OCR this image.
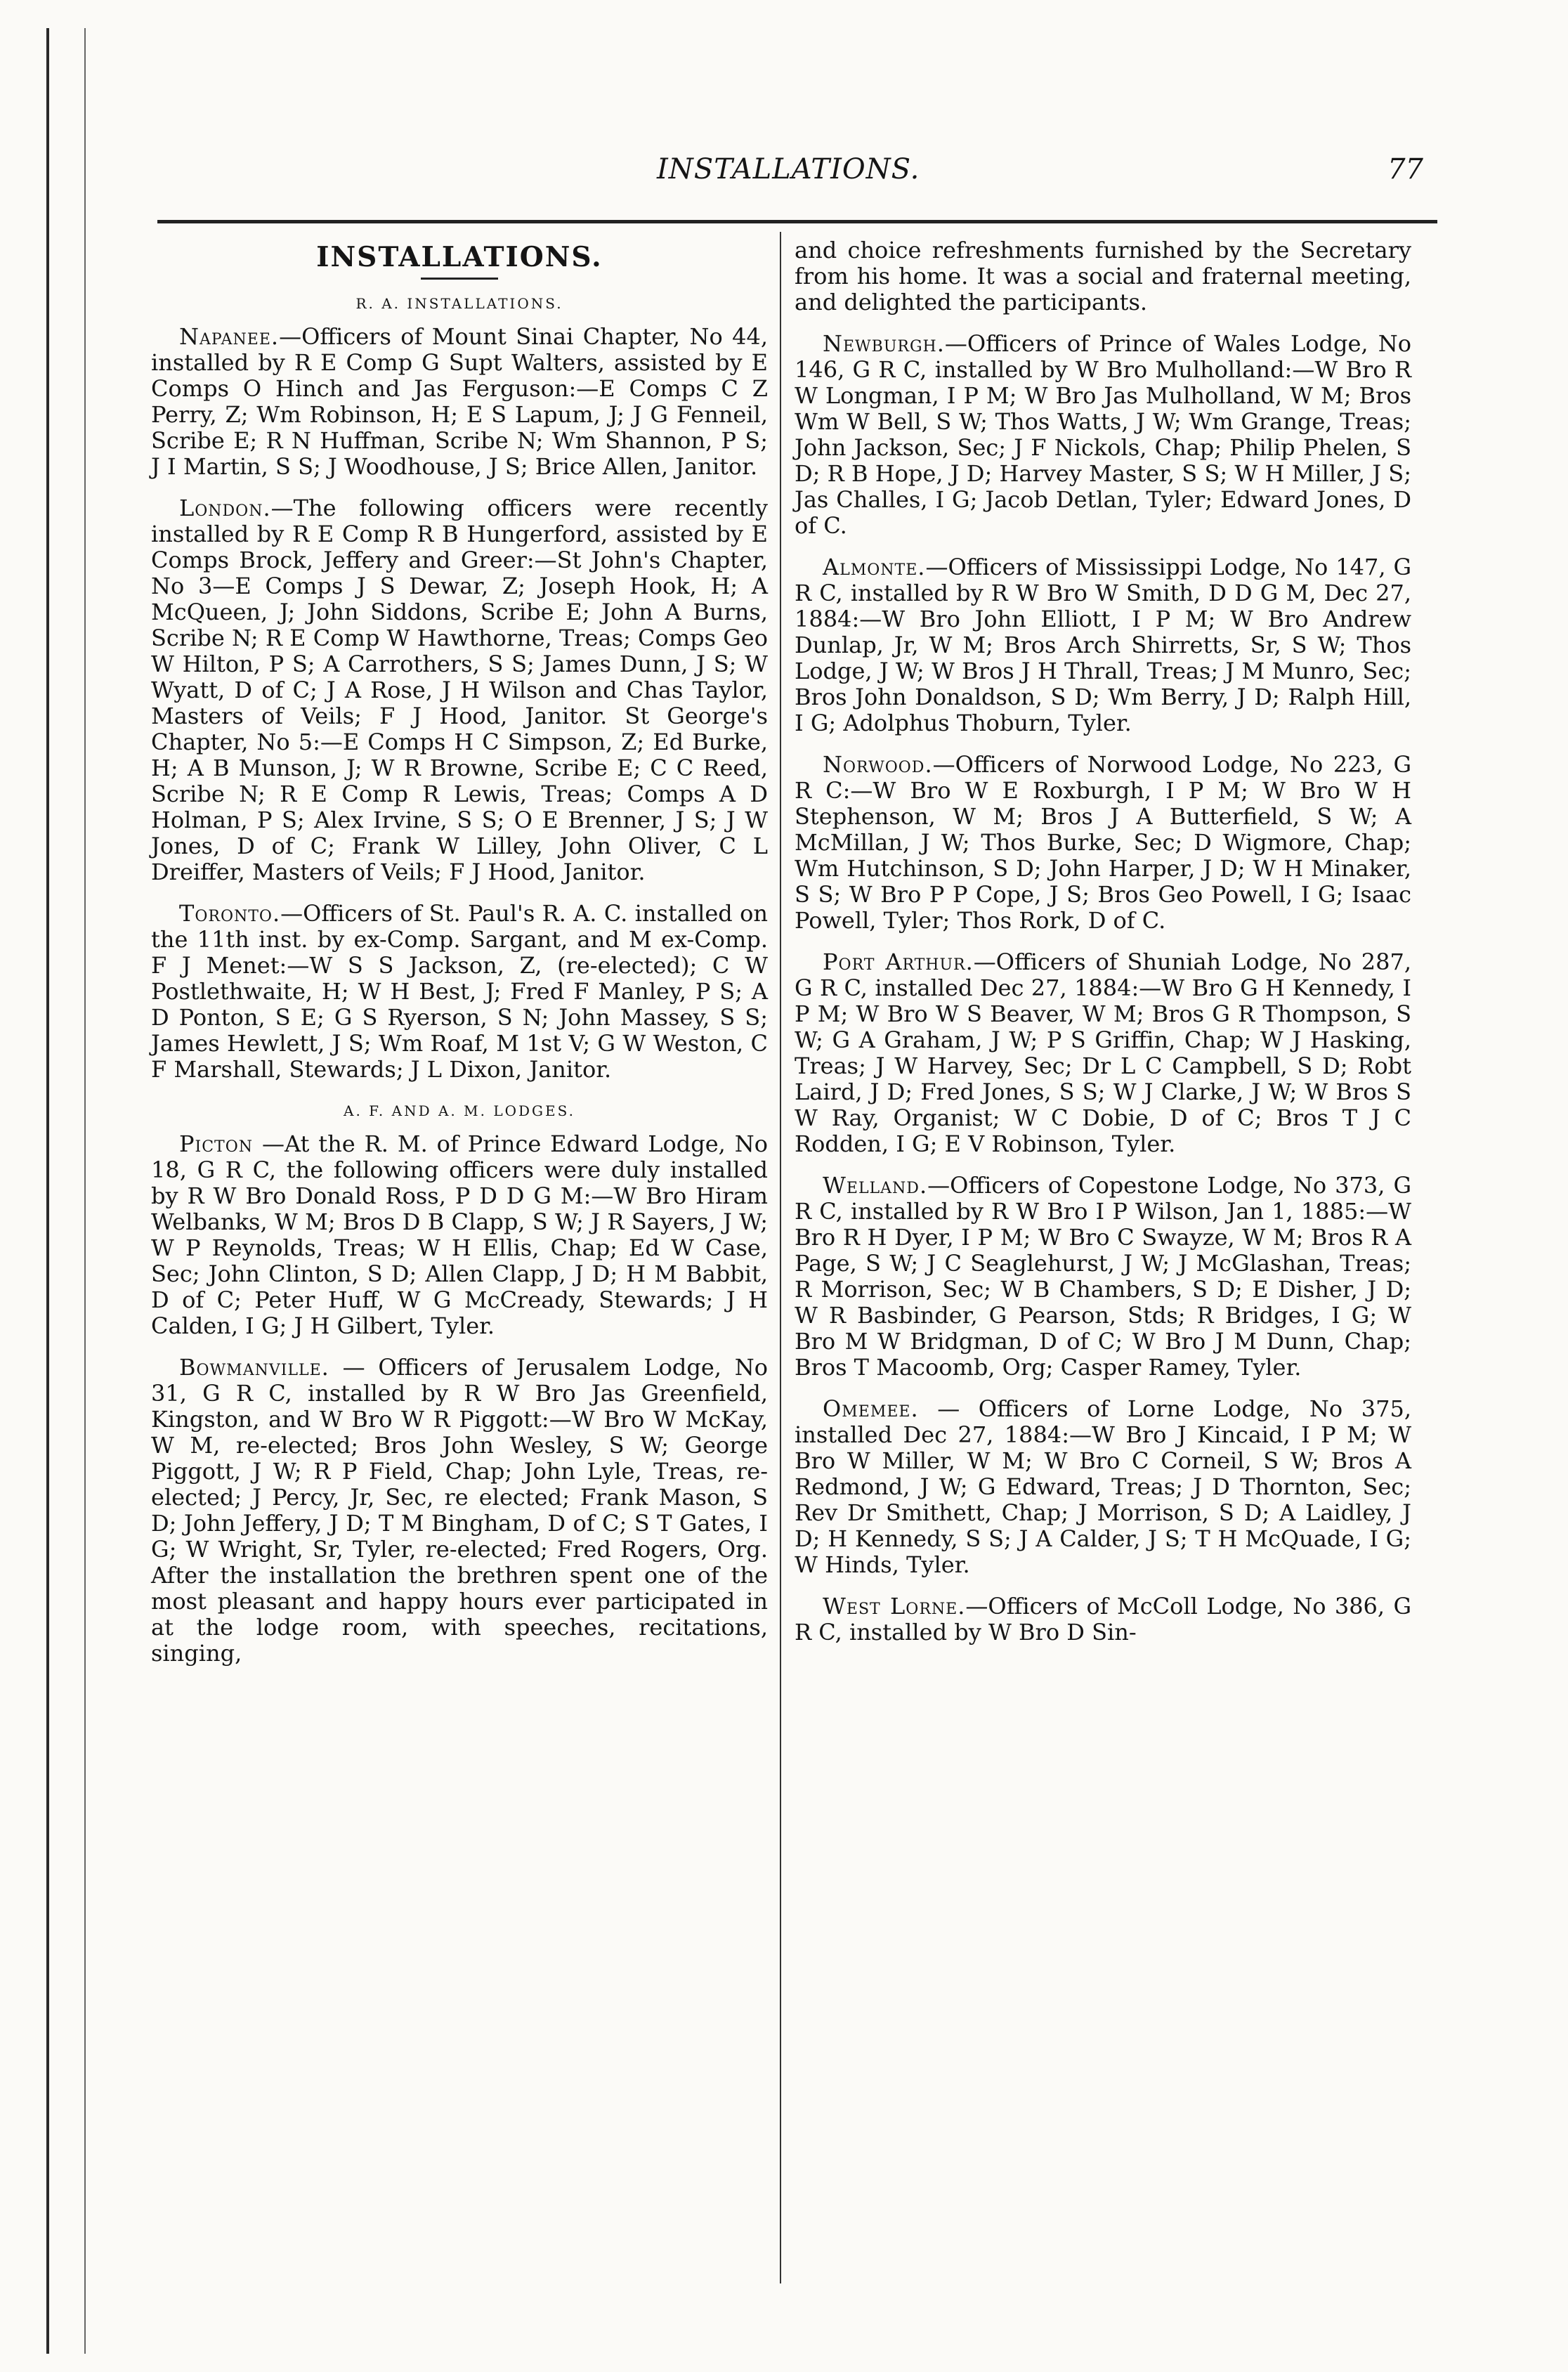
INSTALLATIONS.	77
INSTALLATIONS.
R. A. INSTALLATIONS.

Napanee.—Officers of Mount Sinai Chapter, No 44, installed by R E Comp G Supt Walters, assisted by E Comps O Hinch and Jas Ferguson:—E Comps C Z Perry, Z; Wm Robinson, H; E S Lapum, J; J G Fenneil, Scribe E; R N Huffman, Scribe N; Wm Shannon, P S; J I Martin, S S; J Woodhouse, J S; Brice Allen, Janitor.

London.—The following officers were recently installed by R E Comp R B Hungerford, assisted by E Comps Brock, Jeffery and Greer:—St John's Chapter, No 3—E Comps J S Dewar, Z; Joseph Hook, H; A McQueen, J; John Siddons, Scribe E; John A Burns, Scribe N; R E Comp W Hawthorne, Treas; Comps Geo W Hilton, P S; A Carrothers, S S; James Dunn, J S; W Wyatt, D of C; J A Rose, J H Wilson and Chas Taylor, Masters of Veils; F J Hood, Janitor. St George's Chapter, No 5:—E Comps H C Simpson, Z; Ed Burke, H; A B Munson, J; W R Browne, Scribe E; C C Reed, Scribe N; R E Comp R Lewis, Treas; Comps A D Holman, P S; Alex Irvine, S S; O E Brenner, J S; J W Jones, D of C; Frank W Lilley, John Oliver, C L Dreiffer, Masters of Veils; F J Hood, Janitor.

Toronto.—Officers of St. Paul's R. A. C. installed on the 11th inst. by ex-Comp. Sargant, and M ex-Comp. F J Menet:—W S S Jackson, Z, (re-elected); C W Postlethwaite, H; W H Best, J; Fred F Manley, P S; A D Ponton, S E; G S Ryerson, S N; John Massey, S S; James Hewlett, J S; Wm Roaf, M 1st V; G W Weston, C F Marshall, Stewards; J L Dixon, Janitor.

A. F. AND A. M. LODGES.

Picton —At the R. M. of Prince Edward Lodge, No 18, G R C, the following officers were duly installed by R W Bro Donald Ross, P D D G M:—W Bro Hiram Welbanks, W M; Bros D B Clapp, S W; J R Sayers, J W; W P Reynolds, Treas; W H Ellis, Chap; Ed W Case, Sec; John Clinton, S D; Allen Clapp, J D; H M Babbit, D of C; Peter Huff, W G McCready, Stewards; J H Calden, I G; J H Gilbert, Tyler.

Bowmanville. — Officers of Jerusalem Lodge, No 31, G R C, installed by R W Bro Jas Greenfield, Kingston, and W Bro W R Piggott:—W Bro W McKay, W M, re-elected; Bros John Wesley, S W; George Piggott, J W; R P Field, Chap; John Lyle, Treas, re-elected; J Percy, Jr, Sec, re elected; Frank Mason, S D; John Jeffery, J D; T M Bingham, D of C; S T Gates, I G; W Wright, Sr, Tyler, re-elected; Fred Rogers, Org. After the installation the brethren spent one of the most pleasant and happy hours ever participated in at the lodge room, with speeches, recitations, singing,

and choice refreshments furnished by the Secretary from his home. It was a social and fraternal meeting, and delighted the participants.

Newburgh.—Officers of Prince of Wales Lodge, No 146, G R C, installed by W Bro Mulholland:—W Bro R W Longman, I P M; W Bro Jas Mulholland, W M; Bros Wm W Bell, S W; Thos Watts, J W; Wm Grange, Treas; John Jackson, Sec; J F Nickols, Chap; Philip Phelen, S D; R B Hope, J D; Harvey Master, S S; W H Miller, J S; Jas Challes, I G; Jacob Detlan, Tyler; Edward Jones, D of C.

Almonte.—Officers of Mississippi Lodge, No 147, G R C, installed by R W Bro W Smith, D D G M, Dec 27, 1884:—W Bro John Elliott, I P M; W Bro Andrew Dunlap, Jr, W M; Bros Arch Shirretts, Sr, S W; Thos Lodge, J W; W Bros J H Thrall, Treas; J M Munro, Sec; Bros John Donaldson, S D; Wm Berry, J D; Ralph Hill, I G; Adolphus Thoburn, Tyler.

Norwood.—Officers of Norwood Lodge, No 223, G R C:—W Bro W E Roxburgh, I P M; W Bro W H Stephenson, W M; Bros J A Butterfield, S W; A McMillan, J W; Thos Burke, Sec; D Wigmore, Chap; Wm Hutchinson, S D; John Harper, J D; W H Minaker, S S; W Bro P P Cope, J S; Bros Geo Powell, I G; Isaac Powell, Tyler; Thos Rork, D of C.

Port Arthur.—Officers of Shuniah Lodge, No 287, G R C, installed Dec 27, 1884:—W Bro G H Kennedy, I P M; W Bro W S Beaver, W M; Bros G R Thompson, S W; G A Graham, J W; P S Griffin, Chap; W J Hasking, Treas; J W Harvey, Sec; Dr L C Campbell, S D; Robt Laird, J D; Fred Jones, S S; W J Clarke, J W; W Bros S W Ray, Organist; W C Dobie, D of C; Bros T J C Rodden, I G; E V Robinson, Tyler.

Welland.—Officers of Copestone Lodge, No 373, G R C, installed by R W Bro I P Wilson, Jan 1, 1885:—W Bro R H Dyer, I P M; W Bro C Swayze, W M; Bros R A Page, S W; J C Seaglehurst, J W; J McGlashan, Treas; R Morrison, Sec; W B Chambers, S D; E Disher, J D; W R Basbinder, G Pearson, Stds; R Bridges, I G; W Bro M W Bridgman, D of C; W Bro J M Dunn, Chap; Bros T Macoomb, Org; Casper Ramey, Tyler.

Omemee. — Officers of Lorne Lodge, No 375, installed Dec 27, 1884:—W Bro J Kincaid, I P M; W Bro W Miller, W M; W Bro C Corneil, S W; Bros A Redmond, J W; G Edward, Treas; J D Thornton, Sec; Rev Dr Smithett, Chap; J Morrison, S D; A Laidley, J D; H Kennedy, S S; J A Calder, J S; T H McQuade, I G; W Hinds, Tyler.

West Lorne.—Officers of McColl Lodge, No 386, G R C, installed by W Bro D Sin-
